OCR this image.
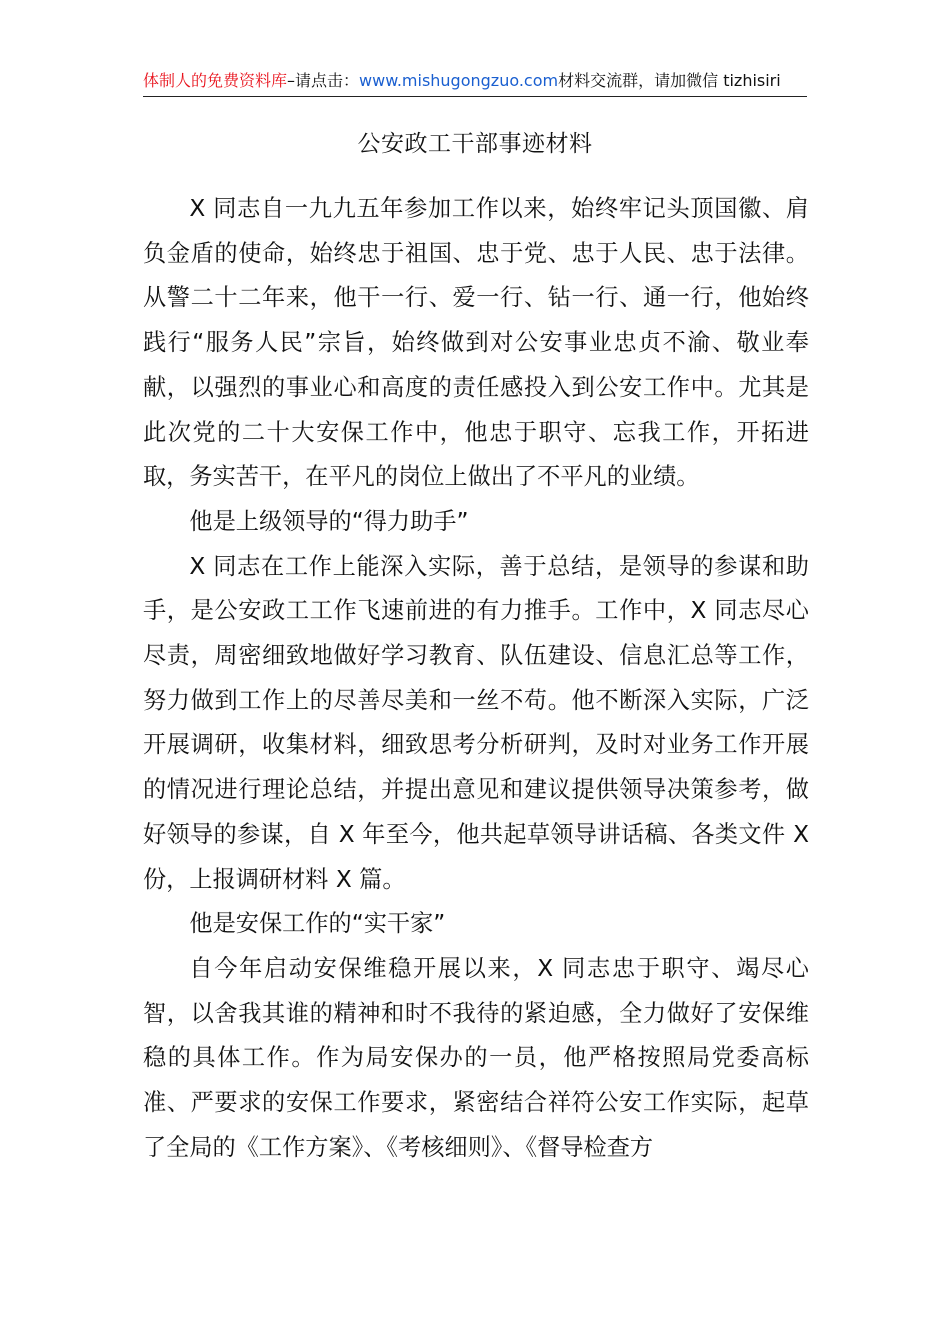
体制人的免费资料库–请点击：www.mishugongzuo.com材料交流群，请加微信 tizhisiri
公安政工干部事迹材料

X 同志自一九九五年参加工作以来，始终牢记头顶国徽、肩负金盾的使命，始终忠于祖国、忠于党、忠于人民、忠于法律。从警二十二年来，他干一行、爱一行、钻一行、通一行，他始终践行“服务人民”宗旨，始终做到对公安事业忠贞不渝、敬业奉献，以强烈的事业心和高度的责任感投入到公安工作中。尤其是此次党的二十大安保工作中，他忠于职守、忘我工作，开拓进取，务实苦干，在平凡的岗位上做出了不平凡的业绩。

他是上级领导的“得力助手”

X 同志在工作上能深入实际，善于总结，是领导的参谋和助手，是公安政工工作飞速前进的有力推手。工作中，X 同志尽心尽责，周密细致地做好学习教育、队伍建设、信息汇总等工作，努力做到工作上的尽善尽美和一丝不苟。他不断深入实际，广泛开展调研，收集材料，细致思考分析研判，及时对业务工作开展的情况进行理论总结，并提出意见和建议提供领导决策参考，做好领导的参谋，自 X 年至今，他共起草领导讲话稿、各类文件 X 份，上报调研材料 X 篇。

他是安保工作的“实干家”

自今年启动安保维稳开展以来，X 同志忠于职守、竭尽心智，以舍我其谁的精神和时不我待的紧迫感，全力做好了安保维稳的具体工作。作为局安保办的一员，他严格按照局党委高标准、严要求的安保工作要求，紧密结合祥符公安工作实际，起草了全局的《工作方案》、《考核细则》、《督导检查方
